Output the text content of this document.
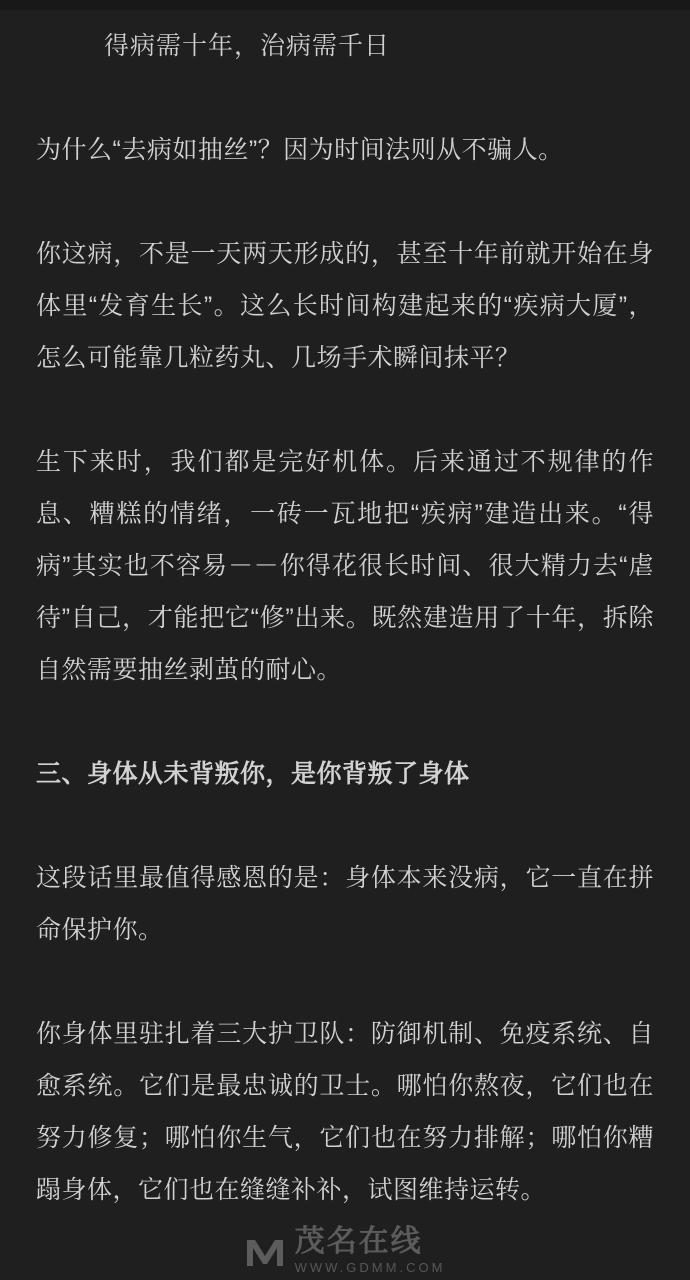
得病需十年，治病需千日

为什么“去病如抽丝”？因为时间法则从不骗人。

你这病，不是一天两天形成的，甚至十年前就开始在身体里“发育生长”。这么长时间构建起来的“疾病大厦”，怎么可能靠几粒药丸、几场手术瞬间抹平？

生下来时，我们都是完好机体。后来通过不规律的作息、糟糕的情绪，一砖一瓦地把“疾病”建造出来。“得病”其实也不容易－－你得花很长时间、很大精力去“虐待”自己，才能把它“修”出来。既然建造用了十年，拆除自然需要抽丝剥茧的耐心。

三、身体从未背叛你，是你背叛了身体

这段话里最值得感恩的是：身体本来没病，它一直在拼命保护你。

你身体里驻扎着三大护卫队：防御机制、免疫系统、自愈系统。它们是最忠诚的卫士。哪怕你熬夜，它们也在努力修复；哪怕你生气，它们也在努力排解；哪怕你糟蹋身体，它们也在缝缝补补，试图维持运转。

茂名在线
WWW.GDMM.COM
